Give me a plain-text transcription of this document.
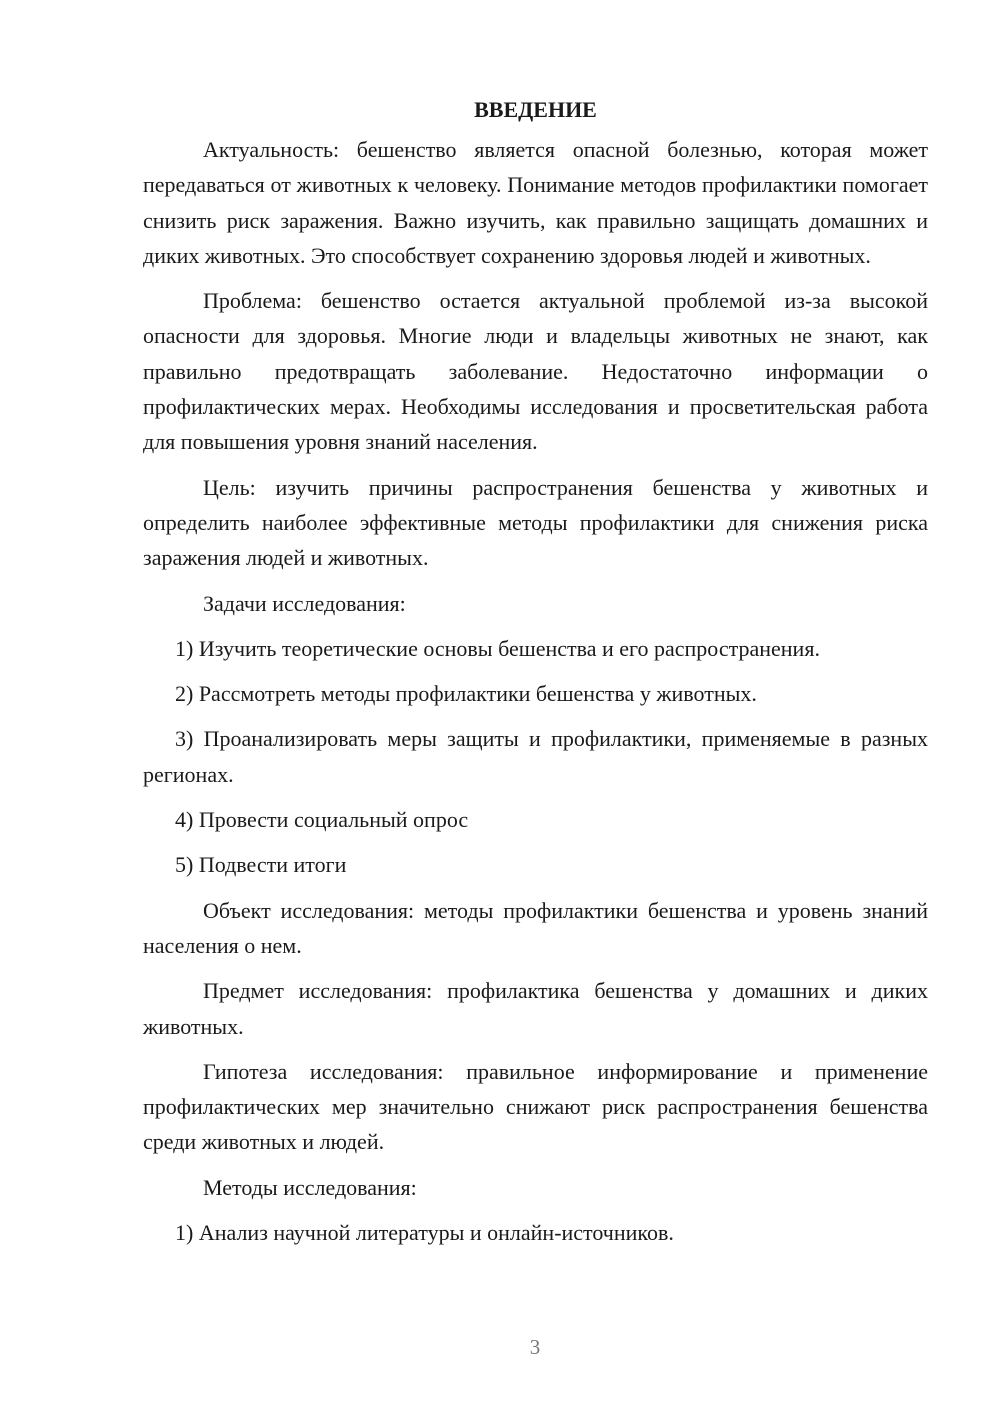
ВВЕДЕНИЕ

Актуальность: бешенство является опасной болезнью, которая может передаваться от животных к человеку. Понимание методов профилактики помогает снизить риск заражения. Важно изучить, как правильно защищать домашних и диких животных. Это способствует сохранению здоровья людей и животных.

Проблема: бешенство остается актуальной проблемой из-за высокой опасности для здоровья. Многие люди и владельцы животных не знают, как правильно предотвращать заболевание. Недостаточно информации о профилактических мерах. Необходимы исследования и просветительская работа для повышения уровня знаний населения.

Цель: изучить причины распространения бешенства у животных и определить наиболее эффективные методы профилактики для снижения риска заражения людей и животных.

Задачи исследования:

1) Изучить теоретические основы бешенства и его распространения.

2) Рассмотреть методы профилактики бешенства у животных.

3) Проанализировать меры защиты и профилактики, применяемые в разных регионах.

4) Провести социальный опрос

5) Подвести итоги

Объект исследования: методы профилактики бешенства и уровень знаний населения о нем.

Предмет исследования: профилактика бешенства у домашних и диких животных.

Гипотеза исследования: правильное информирование и применение профилактических мер значительно снижают риск распространения бешенства среди животных и людей.

Методы исследования:

1) Анализ научной литературы и онлайн-источников.

3
